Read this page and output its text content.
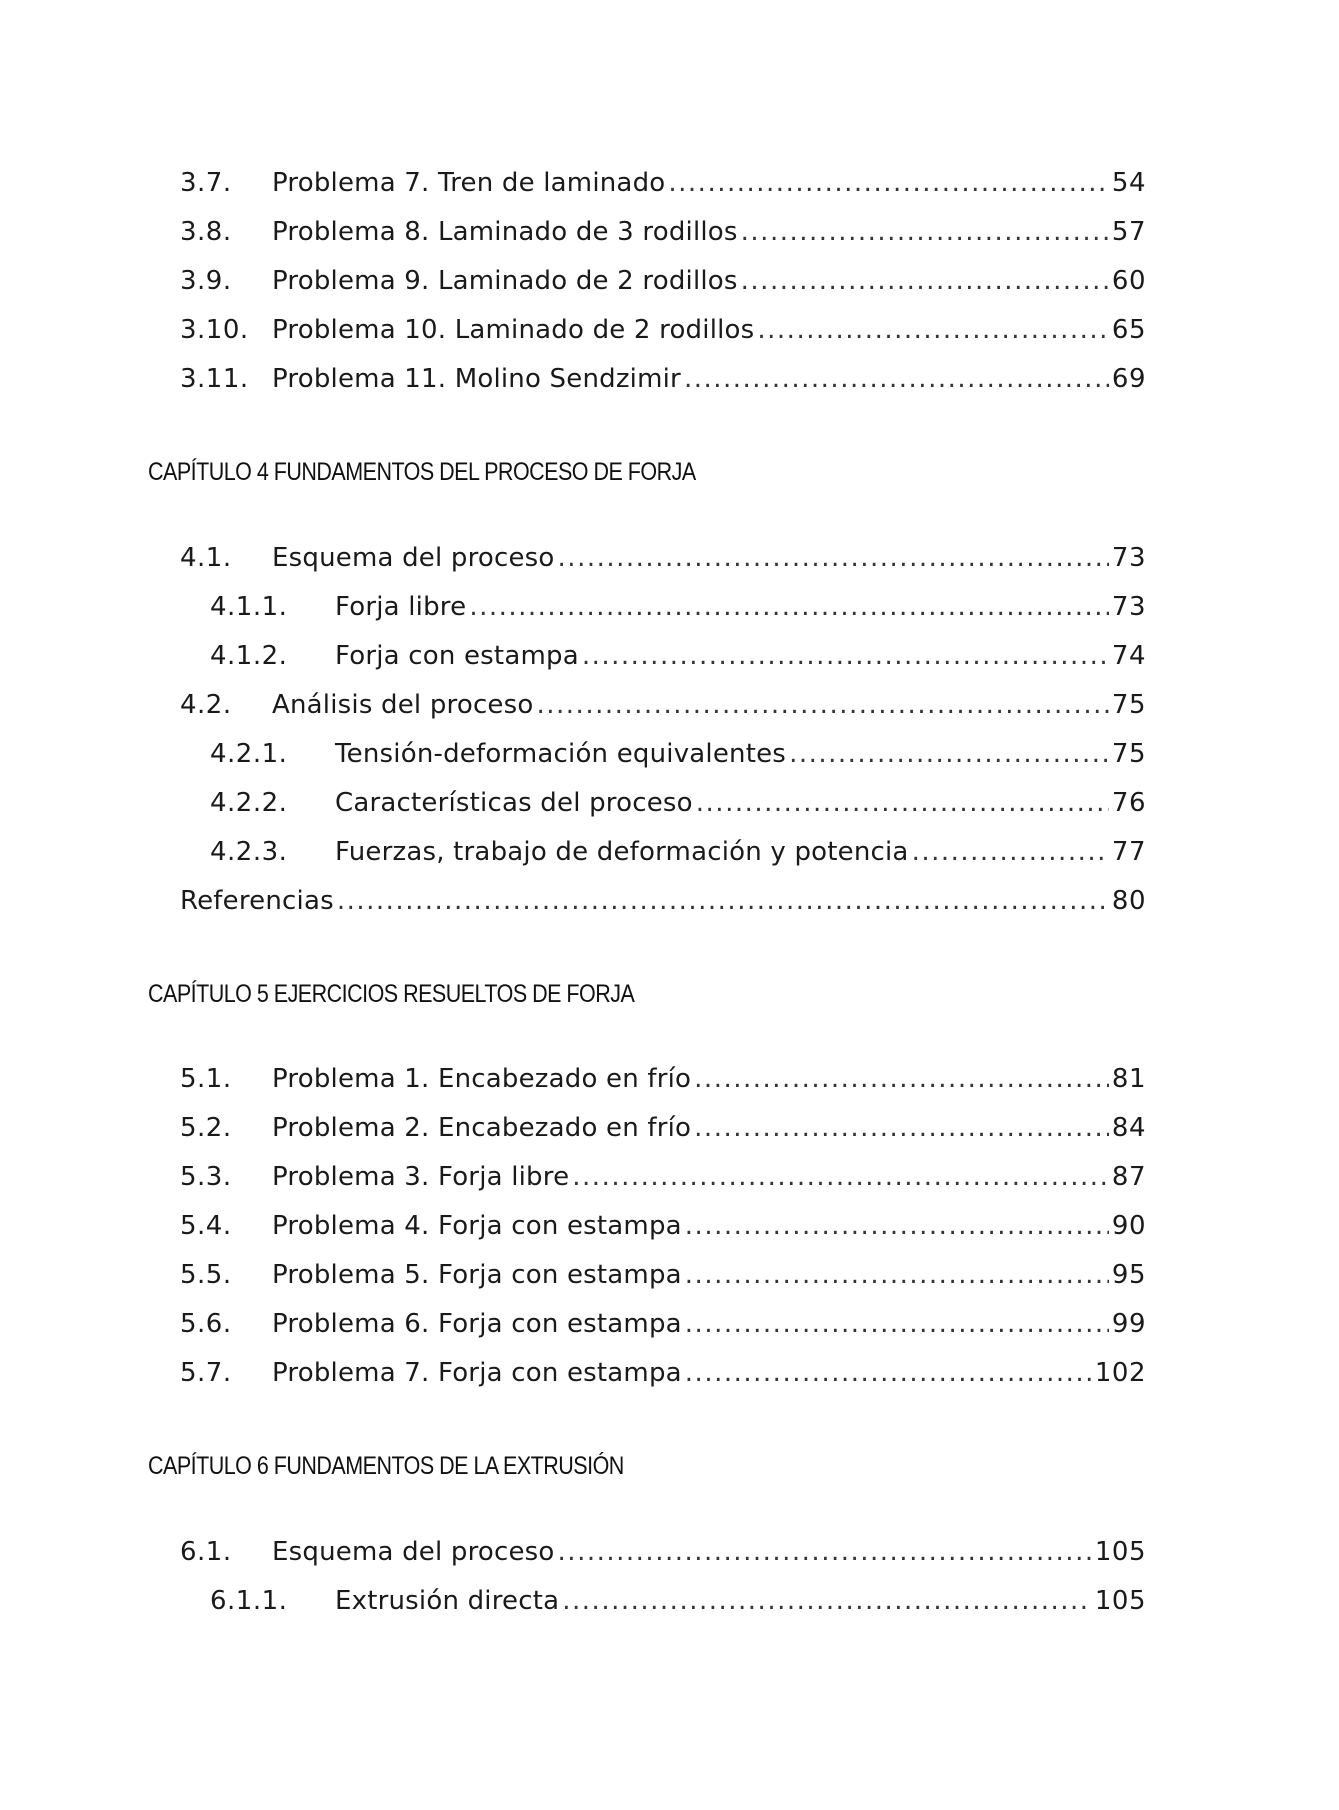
3.7.	Problema 7. Tren de laminado .....	54
3.8.	Problema 8. Laminado de 3 rodillos .....	57
3.9.	Problema 9. Laminado de 2 rodillos .....	60
3.10. Problema 10. Laminado de 2 rodillos .....	65
3.11. Problema 11. Molino Sendzimir .....	69
CAPÍTULO 4 FUNDAMENTOS DEL PROCESO DE FORJA
4.1.	Esquema del proceso .....	73
4.1.1.	Forja libre .....	73
4.1.2.	Forja con estampa .....	74
4.2.	Análisis del proceso .....	75
4.2.1.	Tensión-deformación equivalentes .....	75
4.2.2.	Características del proceso .....	76
4.2.3.	Fuerzas, trabajo de deformación y potencia .....	77
Referencias .....	80
CAPÍTULO 5 EJERCICIOS RESUELTOS DE FORJA
5.1.	Problema 1. Encabezado en frío .....	81
5.2.	Problema 2. Encabezado en frío .....	84
5.3.	Problema 3. Forja libre .....	87
5.4.	Problema 4. Forja con estampa .....	90
5.5.	Problema 5. Forja con estampa .....	95
5.6.	Problema 6. Forja con estampa .....	99
5.7.	Problema 7. Forja con estampa .....	102
CAPÍTULO 6 FUNDAMENTOS DE LA EXTRUSIÓN
6.1.	Esquema del proceso .....	105
6.1.1.	Extrusión directa .....	105
